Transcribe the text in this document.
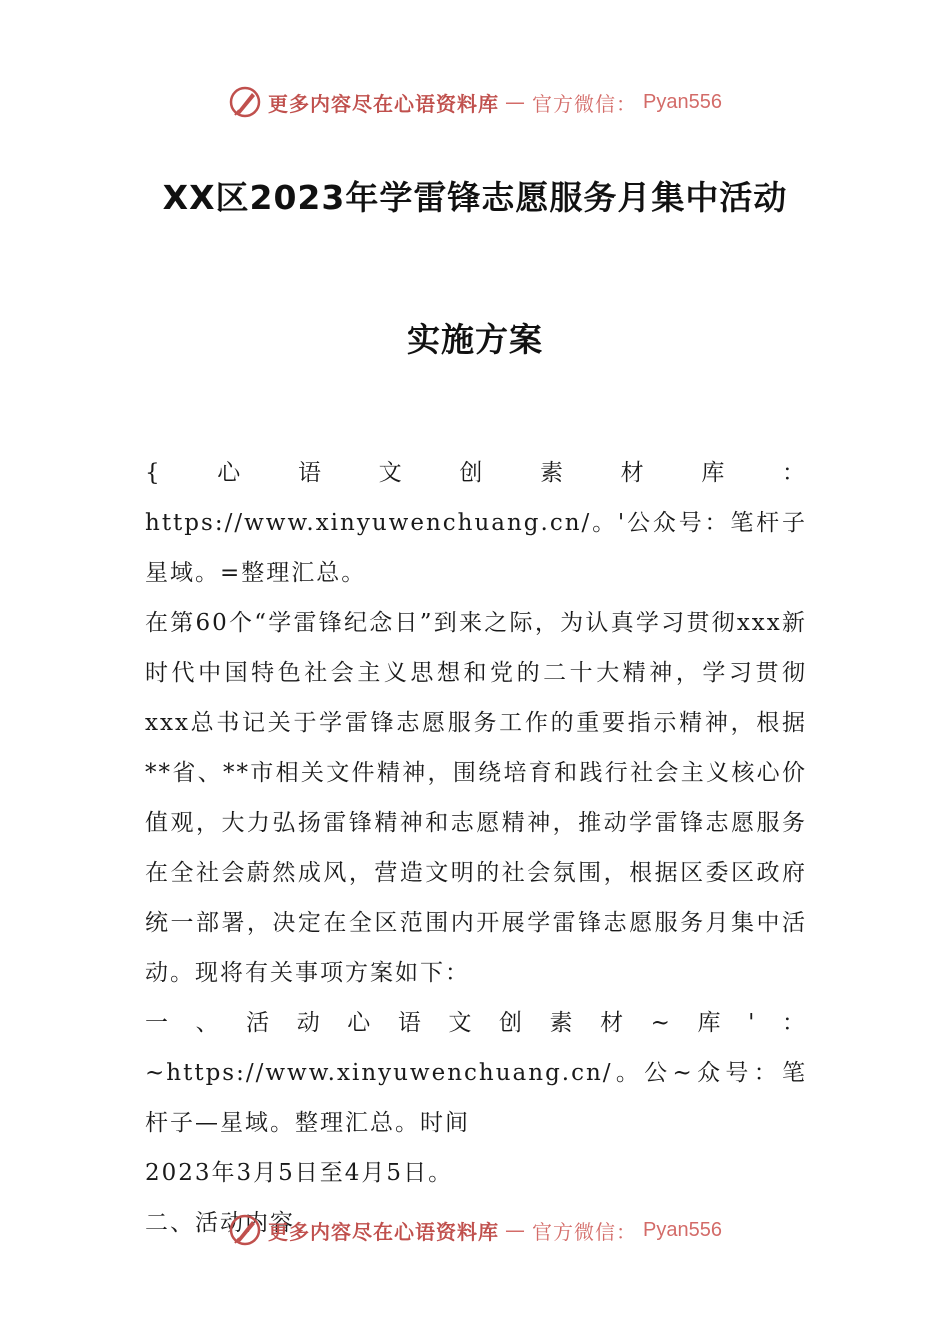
更多内容尽在心语资料库 — 官方微信： Pyan556
XX区2023年学雷锋志愿服务月集中活动
实施方案

{心语文创素材库：https://www.xinyuwenchuang.cn/。'公众号：笔杆子星域。=整理汇总。

在第60个“学雷锋纪念日”到来之际，为认真学习贯彻xxx新时代中国特色社会主义思想和党的二十大精神，学习贯彻xxx总书记关于学雷锋志愿服务工作的重要指示精神，根据**省、**市相关文件精神，围绕培育和践行社会主义核心价值观，大力弘扬雷锋精神和志愿精神，推动学雷锋志愿服务在全社会蔚然成风，营造文明的社会氛围，根据区委区政府统一部署，决定在全区范围内开展学雷锋志愿服务月集中活动。现将有关事项方案如下：

一、活动心语文创素材~库'：~https://www.xinyuwenchuang.cn/。公~众号：笔杆子—星域。整理汇总。时间

2023年3月5日至4月5日。

二、活动内容

更多内容尽在心语资料库 — 官方微信： Pyan556
